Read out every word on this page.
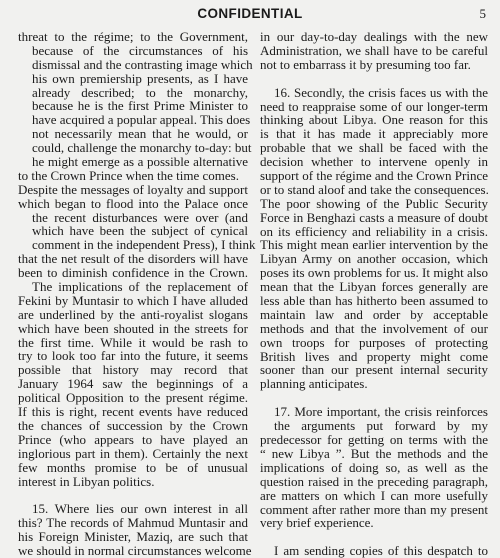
CONFIDENTIAL	5
threat to the régime; to the Government,
because of the circumstances of his
dismissal and the contrasting image which
his own premiership presents, as I have
already described; to the monarchy,
because he is the first Prime Minister to
have acquired a popular appeal. This does
not necessarily mean that he would, or
could, challenge the monarchy to-day: but
he might emerge as a possible alternative
to the Crown Prince when the time comes.
Despite the messages of loyalty and support
which began to flood into the Palace once
the recent disturbances were over (and
which have been the subject of cynical
comment in the independent Press), I think
that the net result of the disorders will have
been to diminish confidence in the Crown.
The implications of the replacement of
Fekini by Muntasir to which I have alluded
are underlined by the anti-royalist slogans
which have been shouted in the streets for
the first time. While it would be rash to
try to look too far into the future, it seems
possible that history may record that
January 1964 saw the beginnings of a
political Opposition to the present régime.
If this is right, recent events have reduced
the chances of succession by the Crown
Prince (who appears to have played an
inglorious part in them). Certainly the next
few months promise to be of unusual
interest in Libyan politics.
15. Where lies our own interest in all
this? The records of Mahmud Muntasir and
his Foreign Minister, Maziq, are such that
we should in normal circumstances welcome
in our day-to-day dealings with the new
Administration, we shall have to be careful
not to embarrass it by presuming too far.
16. Secondly, the crisis faces us with the
need to reappraise some of our longer-term
thinking about Libya. One reason for this
is that it has made it appreciably more
probable that we shall be faced with the
decision whether to intervene openly in
support of the régime and the Crown Prince
or to stand aloof and take the consequences.
The poor showing of the Public Security
Force in Benghazi casts a measure of doubt
on its efficiency and reliability in a crisis.
This might mean earlier intervention by the
Libyan Army on another occasion, which
poses its own problems for us. It might also
mean that the Libyan forces generally are
less able than has hitherto been assumed to
maintain law and order by acceptable
methods and that the involvement of our
own troops for purposes of protecting
British lives and property might come
sooner than our present internal security
planning anticipates.
17. More important, the crisis reinforces
the arguments put forward by my
predecessor for getting on terms with the
“ new Libya ”. But the methods and the
implications of doing so, as well as the
question raised in the preceding paragraph,
are matters on which I can more usefully
comment after rather more than my present
very brief experience.
I am sending copies of this despatch to
